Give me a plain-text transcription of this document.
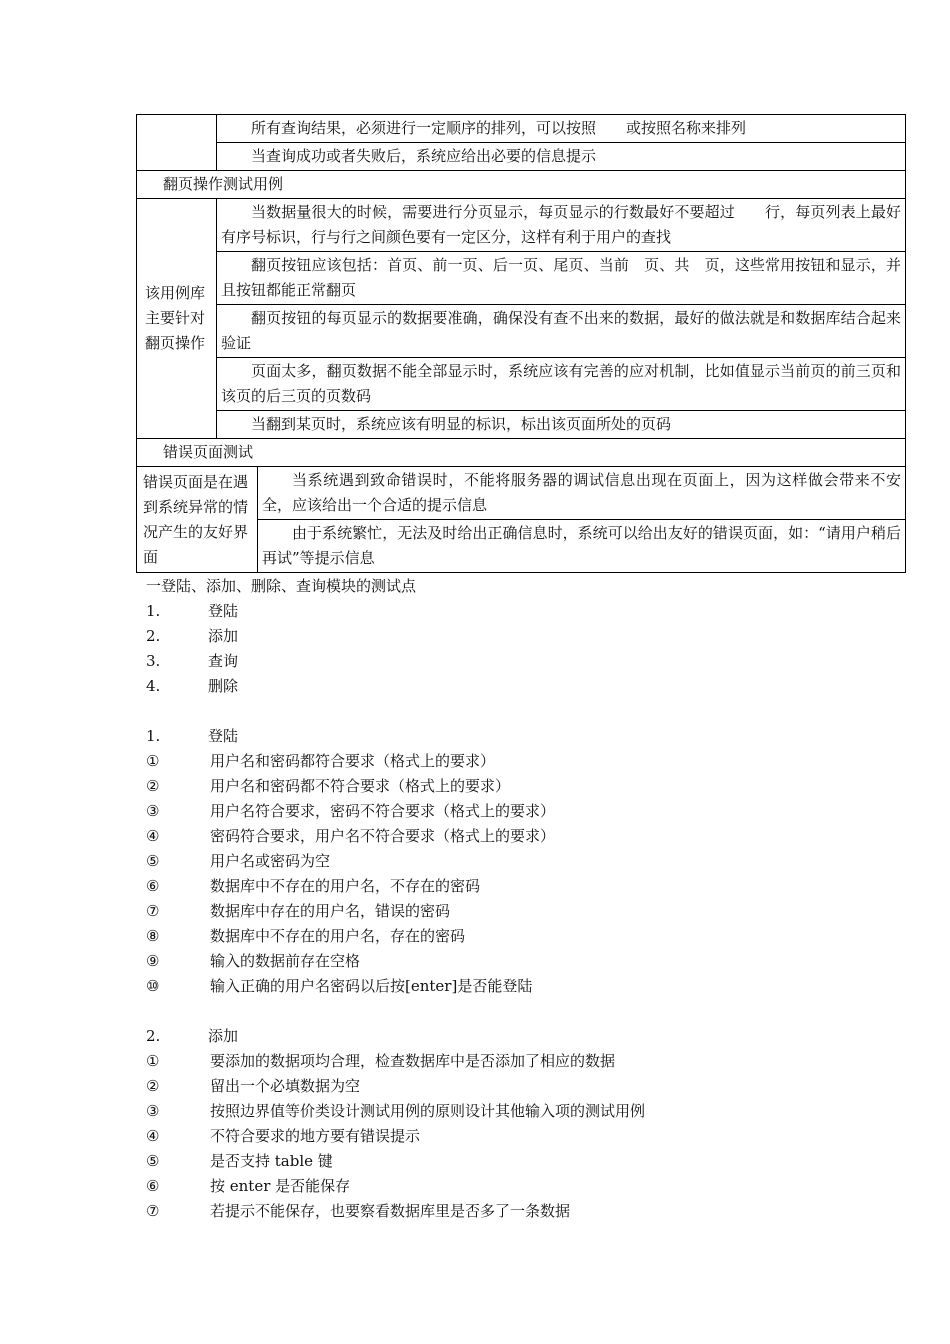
	所有查询结果，必须进行一定顺序的排列，可以按照　　或按照名称来排列	
	当查询成功或者失败后，系统应给出必要的信息提示	
翻页操作测试用例		
该用例库主要针对翻页操作	当数据量很大的时候，需要进行分页显示，每页显示的行数最好不要超过　　行，每页列表上最好有序号标识，行与行之间颜色要有一定区分，这样有利于用户的查找	
	翻页按钮应该包括：首页、前一页、后一页、尾页、当前　页、共　页，这些常用按钮和显示，并且按钮都能正常翻页	
	翻页按钮的每页显示的数据要准确，确保没有查不出来的数据，最好的做法就是和数据库结合起来验证	
	页面太多，翻页数据不能全部显示时，系统应该有完善的应对机制，比如值显示当前页的前三页和该页的后三页的页数码	
	当翻到某页时，系统应该有明显的标识，标出该页面所处的页码	
错误页面测试		
错误页面是在遇到系统异常的情况产生的友好界面		当系统遇到致命错误时，不能将服务器的调试信息出现在页面上，因为这样做会带来不安全，应该给出一个合适的提示信息
		由于系统繁忙，无法及时给出正确信息时，系统可以给出友好的错误页面，如：“请用户稍后再试”等提示信息
一登陆、添加、删除、查询模块的测试点
1.	登陆
2.	添加
3.	查询
4.	删除
1.	登陆
①	用户名和密码都符合要求（格式上的要求）
②	用户名和密码都不符合要求（格式上的要求）
③	用户名符合要求，密码不符合要求（格式上的要求）
④	密码符合要求，用户名不符合要求（格式上的要求）
⑤	用户名或密码为空
⑥	数据库中不存在的用户名，不存在的密码
⑦	数据库中存在的用户名，错误的密码
⑧	数据库中不存在的用户名，存在的密码
⑨	输入的数据前存在空格
⑩	输入正确的用户名密码以后按[enter]是否能登陆
2.	添加
①	要添加的数据项均合理，检查数据库中是否添加了相应的数据
②	留出一个必填数据为空
③	按照边界值等价类设计测试用例的原则设计其他输入项的测试用例
④	不符合要求的地方要有错误提示
⑤	是否支持 table 键
⑥	按 enter 是否能保存
⑦	若提示不能保存，也要察看数据库里是否多了一条数据
